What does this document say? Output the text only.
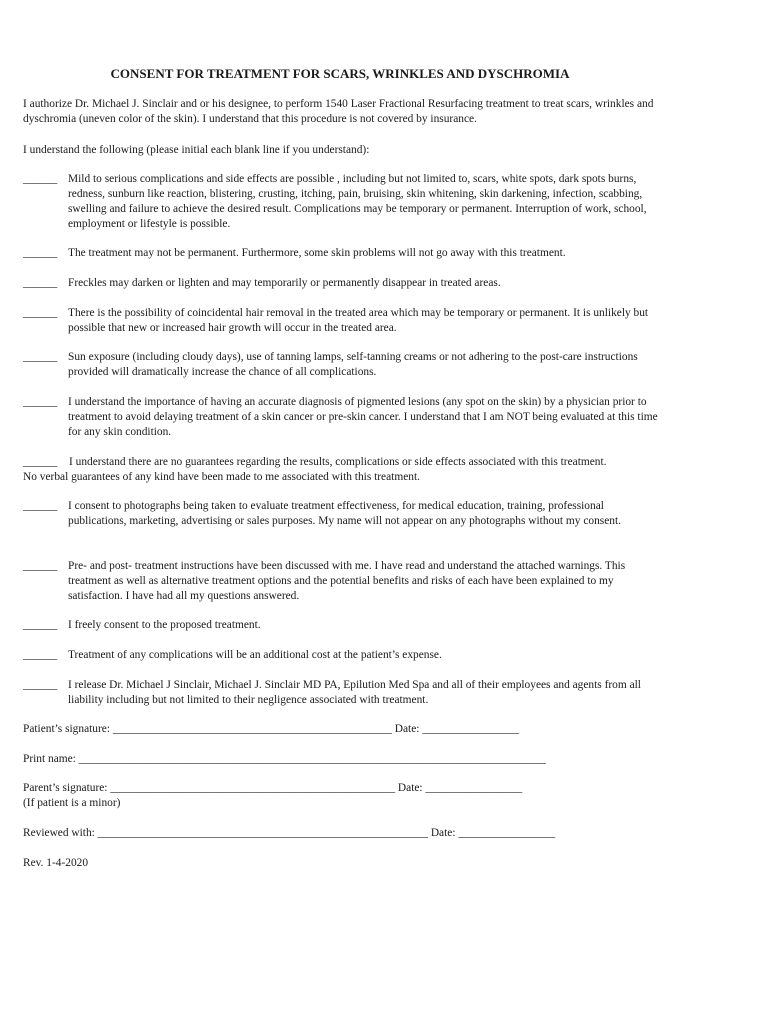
CONSENT FOR TREATMENT FOR SCARS, WRINKLES AND DYSCHROMIA

I authorize Dr. Michael J. Sinclair and or his designee, to perform 1540 Laser Fractional Resurfacing treatment to treat scars, wrinkles and dyschromia (uneven color of the skin). I understand that this procedure is not covered by insurance.

I understand the following (please initial each blank line if you understand):

______ Mild to serious complications and side effects are possible , including but not limited to, scars, white spots, dark spots burns, redness, sunburn like reaction, blistering, crusting, itching, pain, bruising, skin whitening, skin darkening, infection, scabbing, swelling and failure to achieve the desired result. Complications may be temporary or permanent. Interruption of work, school, employment or lifestyle is possible.
______ The treatment may not be permanent. Furthermore, some skin problems will not go away with this treatment.
______ Freckles may darken or lighten and may temporarily or permanently disappear in treated areas.
______ There is the possibility of coincidental hair removal in the treated area which may be temporary or permanent. It is unlikely but possible that new or increased hair growth will occur in the treated area.
______ Sun exposure (including cloudy days), use of tanning lamps, self-tanning creams or not adhering to the post-care instructions provided will dramatically increase the chance of all complications.
______ I understand the importance of having an accurate diagnosis of pigmented lesions (any spot on the skin) by a physician prior to treatment to avoid delaying treatment of a skin cancer or pre-skin cancer. I understand that I am NOT being evaluated at this time for any skin condition.
______	I understand there are no guarantees regarding the results, complications or side effects associated with this treatment. No verbal guarantees of any kind have been made to me associated with this treatment.
______ I consent to photographs being taken to evaluate treatment effectiveness, for medical education, training, professional publications, marketing, advertising or sales purposes. My name will not appear on any photographs without my consent.
______ Pre- and post- treatment instructions have been discussed with me. I have read and understand the attached warnings. This treatment as well as alternative treatment options and the potential benefits and risks of each have been explained to my satisfaction. I have had all my questions answered.
______ I freely consent to the proposed treatment.
______ Treatment of any complications will be an additional cost at the patient’s expense.
______ I release Dr. Michael J Sinclair, Michael J. Sinclair MD PA, Epilution Med Spa and all of their employees and agents from all liability including but not limited to their negligence associated with treatment.
Patient’s signature: _________________________________________________ Date: _________________
Print name: __________________________________________________________________________________
Parent’s signature: __________________________________________________ Date: _________________
(If patient is a minor)
Reviewed with: __________________________________________________________ Date: _________________
Rev. 1-4-2020
